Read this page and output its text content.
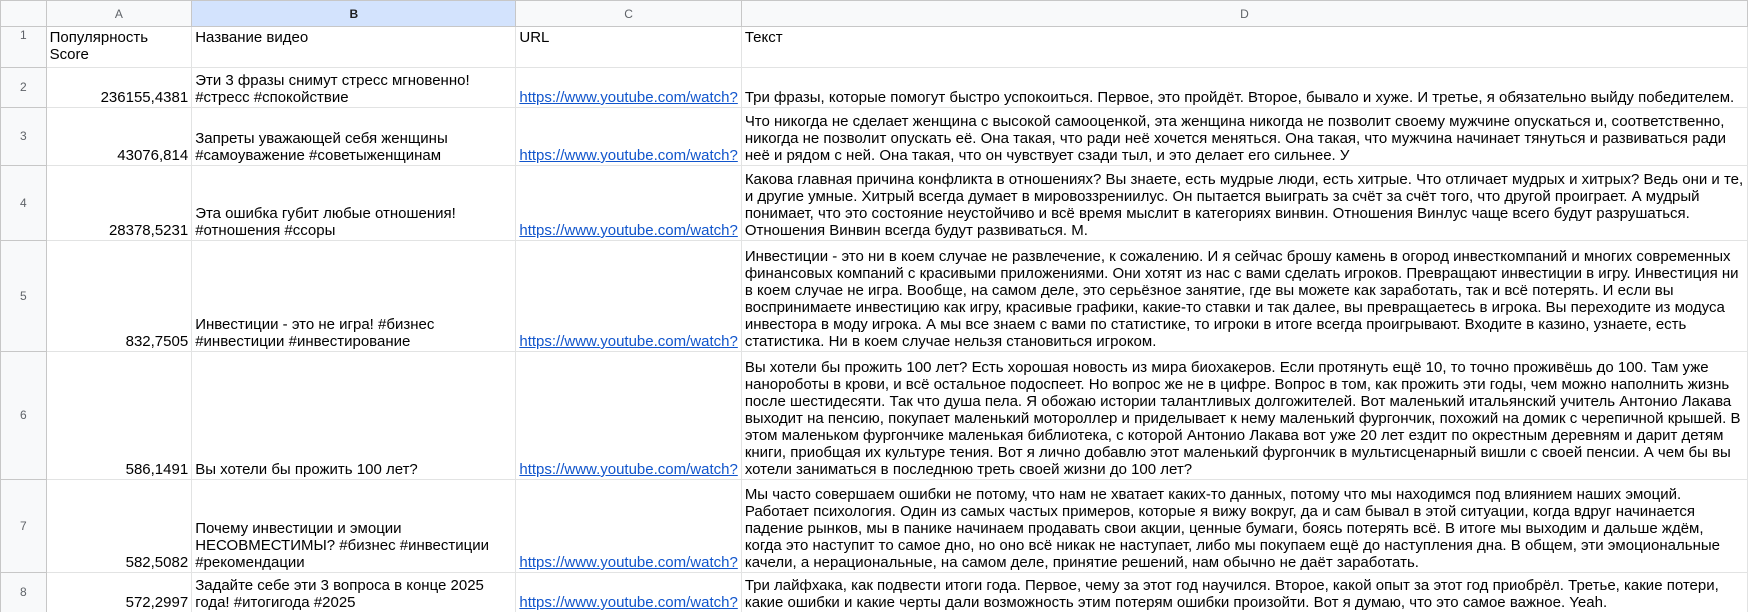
	A	B	C	D
1	Популярность Score	Название видео	URL	Текст

2	236155,4381	Эти 3 фразы снимут стресс мгновенно! #стресс #спокойствие	https://www.youtube.com/watch?	Три фразы, которые помогут быстро успокоиться. Первое, это пройдёт. Второе, бывало и хуже. И третье, я обязательно выйду победителем.

3	43076,814	Запреты уважающей себя женщины #самоуважение #советыженщинам	https://www.youtube.com/watch?	Что никогда не сделает женщина с высокой самооценкой, эта женщина никогда не позволит своему мужчине опускаться и, соответственно, никогда не позволит опускать её. Она такая, что ради неё хочется меняться. Она такая, что мужчина начинает тянуться и развиваться ради неё и рядом с ней. Она такая, что он чувствует сзади тыл, и это делает его сильнее. У

4	28378,5231	Эта ошибка губит любые отношения! #отношения #ссоры	https://www.youtube.com/watch?	Какова главная причина конфликта в отношениях? Вы знаете, есть мудрые люди, есть хитрые. Что отличает мудрых и хитрых? Ведь они и те, и другие умные. Хитрый всегда думает в мировоззрениилус. Он пытается выиграть за счёт за счёт того, что другой проиграет. А мудрый понимает, что это состояние неустойчиво и всё время мыслит в категориях винвин. Отношения Винлус чаще всего будут разрушаться. Отношения Винвин всегда будут развиваться. М.

5	832,7505	Инвестиции - это не игра! #бизнес #инвестиции #инвестирование	https://www.youtube.com/watch?	Инвестиции - это ни в коем случае не развлечение, к сожалению. И я сейчас брошу камень в огород инвесткомпаний и многих современных финансовых компаний с красивыми приложениями. Они хотят из нас с вами сделать игроков. Превращают инвестиции в игру. Инвестиция ни в коем случае не игра. Вообще, на самом деле, это серьёзное занятие, где вы можете как заработать, так и всё потерять. И если вы воспринимаете инвестицию как игру, красивые графики, какие-то ставки и так далее, вы превращаетесь в игрока. Вы переходите из модуса инвестора в моду игрока. А мы все знаем с вами по статистике, то игроки в итоге всегда проигрывают. Входите в казино, узнаете, есть статистика. Ни в коем случае нельзя становиться игроком.

6	586,1491	Вы хотели бы прожить 100 лет?	https://www.youtube.com/watch?	Вы хотели бы прожить 100 лет? Есть хорошая новость из мира биохакеров. Если протянуть ещё 10, то точно проживёшь до 100. Там уже нанороботы в крови, и всё остальное подоспеет. Но вопрос же не в цифре. Вопрос в том, как прожить эти годы, чем можно наполнить жизнь после шестидесяти. Так что душа пела. Я обожаю истории талантливых долгожителей. Вот маленький итальянский учитель Антонио Лакава выходит на пенсию, покупает маленький мотороллер и приделывает к нему маленький фургончик, похожий на домик с черепичной крышей. В этом маленьком фургончике маленькая библиотека, с которой Антонио Лакава вот уже 20 лет ездит по окрестным деревням и дарит детям книги, приобщая их культуре тения. Вот я лично добавлю этот маленький фургончик в мультисценарный вишли с своей пенсии. А чем бы вы хотели заниматься в последнюю треть своей жизни до 100 лет?

7	582,5082	Почему инвестиции и эмоции НЕСОВМЕСТИМЫ? #бизнес #инвестиции #рекомендации	https://www.youtube.com/watch?	Мы часто совершаем ошибки не потому, что нам не хватает каких-то данных, потому что мы находимся под влиянием наших эмоций. Работает психология. Один из самых частых примеров, которые я вижу вокруг, да и сам бывал в этой ситуации, когда вдруг начинается падение рынков, мы в панике начинаем продавать свои акции, ценные бумаги, боясь потерять всё. В итоге мы выходим и дальше ждём, когда это наступит то самое дно, но оно всё никак не наступает, либо мы покупаем ещё до наступления дна. В общем, эти эмоциональные качели, а нерациональные, на самом деле, принятие решений, нам обычно не даёт заработать.

8	572,2997	Задайте себе эти 3 вопроса в конце 2025 года! #итогигода #2025	https://www.youtube.com/watch?	Три лайфхака, как подвести итоги года. Первое, чему за этот год научился. Второе, какой опыт за этот год приобрёл. Третье, какие потери, какие ошибки и какие черты дали возможность этим потерям ошибки произойти. Вот я думаю, что это самое важное. Yeah.
